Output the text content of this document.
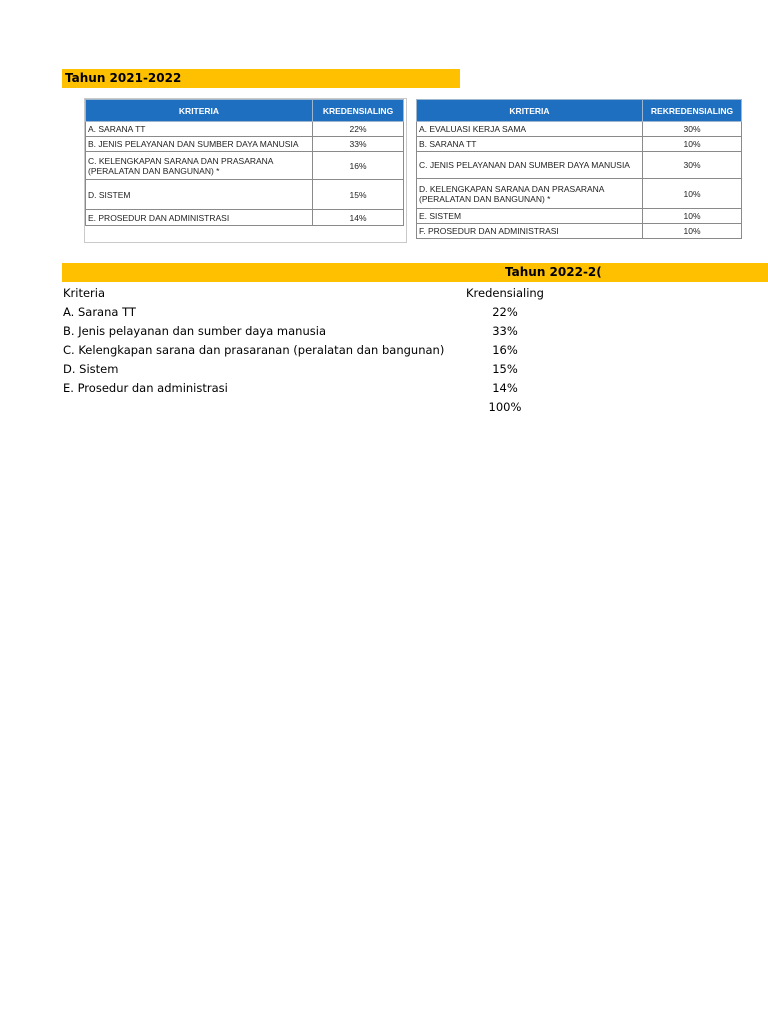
Tahun 2021-2022
KRITERIA	KREDENSIALING
A. SARANA TT	22%
B. JENIS PELAYANAN DAN SUMBER DAYA MANUSIA	33%
C. KELENGKAPAN SARANA DAN PRASARANA (PERALATAN DAN BANGUNAN) *	16%
D. SISTEM	15%
E. PROSEDUR DAN ADMINISTRASI	14%
KRITERIA	REKREDENSIALING
A. EVALUASI KERJA SAMA	30%
B. SARANA TT	10%
C. JENIS PELAYANAN DAN SUMBER DAYA MANUSIA	30%
D. KELENGKAPAN SARANA DAN PRASARANA (PERALATAN DAN BANGUNAN) *	10%
E. SISTEM	10%
F. PROSEDUR DAN ADMINISTRASI	10%
Tahun 2022-2(
Kriteria	Kredensialing
A. Sarana TT	22%
B. Jenis pelayanan dan sumber daya manusia	33%
C. Kelengkapan sarana dan prasaranan (peralatan dan bangunan)	16%
D. Sistem	15%
E. Prosedur dan administrasi	14%
100%
